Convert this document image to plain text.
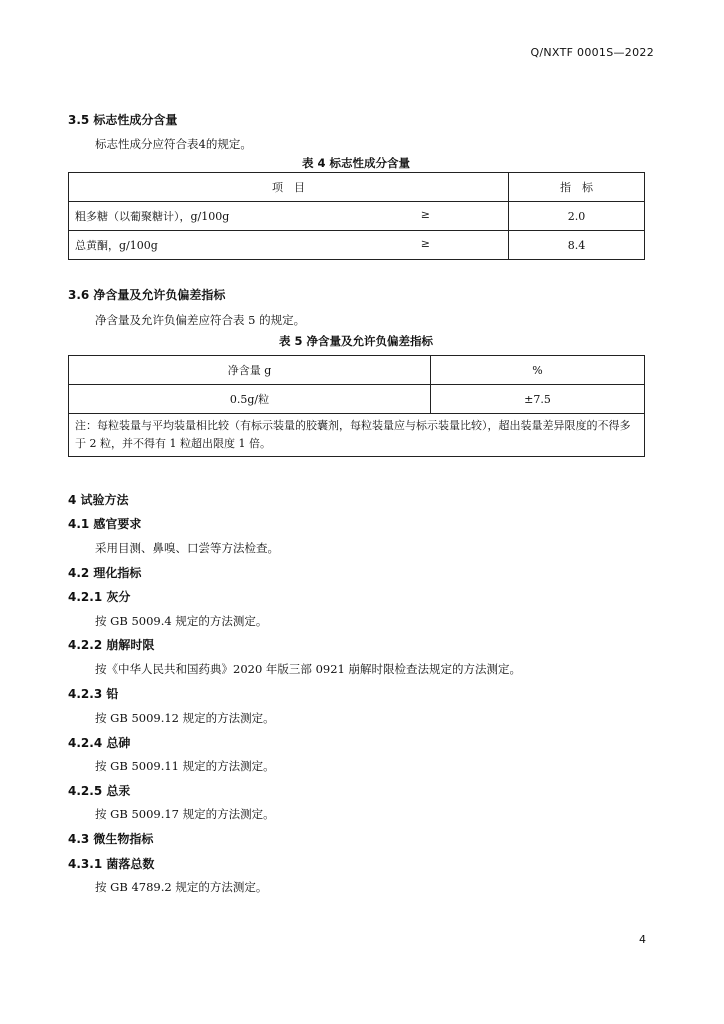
Q/NXTF 0001S—2022
3.5 标志性成分含量
标志性成分应符合表4的规定。
表 4 标志性成分含量
项　目	指　标
粗多糖（以葡聚糖计），g/100g ≥	2.0
总黄酮，g/100g ≥	8.4
3.6 净含量及允许负偏差指标
净含量及允许负偏差应符合表 5 的规定。
表 5 净含量及允许负偏差指标
净含量 g	%
0.5g/粒	±7.5
注：每粒装量与平均装量相比较（有标示装量的胶囊剂，每粒装量应与标示装量比较），超出装量差异限度的不得多于 2 粒，并不得有 1 粒超出限度 1 倍。	
4 试验方法
4.1 感官要求
采用目测、鼻嗅、口尝等方法检查。
4.2 理化指标
4.2.1 灰分
按 GB 5009.4 规定的方法测定。
4.2.2 崩解时限
按《中华人民共和国药典》2020 年版三部 0921 崩解时限检查法规定的方法测定。
4.2.3 铅
按 GB 5009.12 规定的方法测定。
4.2.4 总砷
按 GB 5009.11 规定的方法测定。
4.2.5 总汞
按 GB 5009.17 规定的方法测定。
4.3 微生物指标
4.3.1 菌落总数
按 GB 4789.2 规定的方法测定。
4
